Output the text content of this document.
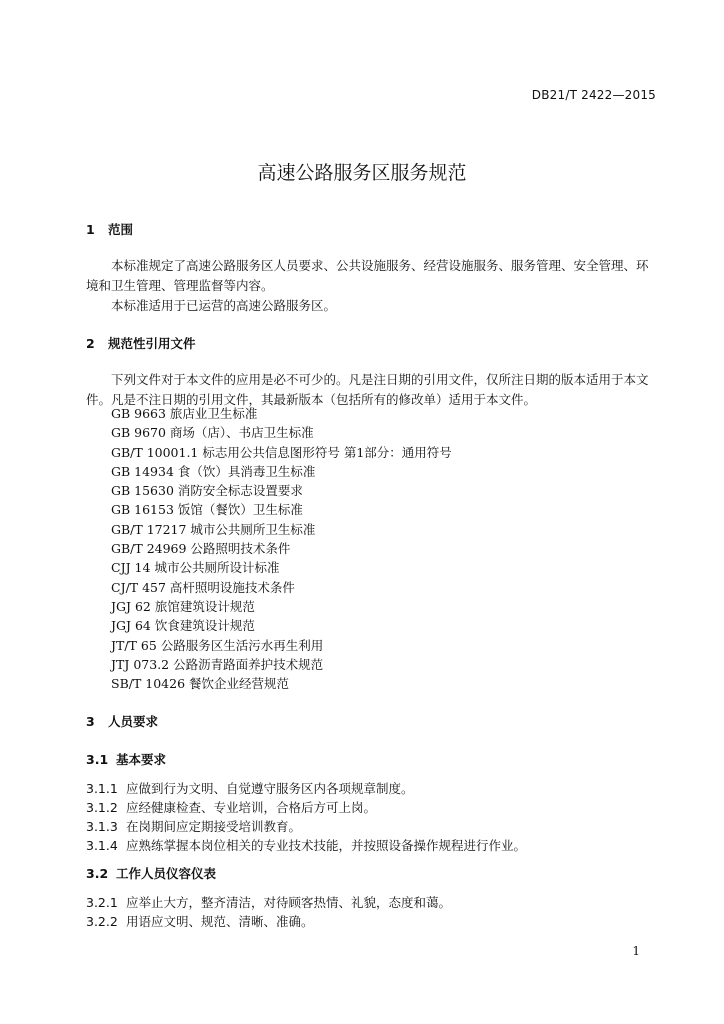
DB21/T 2422—2015
高速公路服务区服务规范
1 范围
本标准规定了高速公路服务区人员要求、公共设施服务、经营设施服务、服务管理、安全管理、环境和卫生管理、管理监督等内容。
本标准适用于已运营的高速公路服务区。
2 规范性引用文件
下列文件对于本文件的应用是必不可少的。凡是注日期的引用文件，仅所注日期的版本适用于本文件。凡是不注日期的引用文件，其最新版本（包括所有的修改单）适用于本文件。
GB 9663 旅店业卫生标准
GB 9670 商场（店）、书店卫生标准
GB/T 10001.1 标志用公共信息图形符号 第1部分：通用符号
GB 14934 食（饮）具消毒卫生标准
GB 15630 消防安全标志设置要求
GB 16153 饭馆（餐饮）卫生标准
GB/T 17217 城市公共厕所卫生标准
GB/T 24969 公路照明技术条件
CJJ 14 城市公共厕所设计标准
CJ/T 457 高杆照明设施技术条件
JGJ 62 旅馆建筑设计规范
JGJ 64 饮食建筑设计规范
JT/T 65 公路服务区生活污水再生利用
JTJ 073.2 公路沥青路面养护技术规范
SB/T 10426 餐饮企业经营规范
3 人员要求
3.1 基本要求
3.1.1 应做到行为文明、自觉遵守服务区内各项规章制度。
3.1.2 应经健康检查、专业培训，合格后方可上岗。
3.1.3 在岗期间应定期接受培训教育。
3.1.4 应熟练掌握本岗位相关的专业技术技能，并按照设备操作规程进行作业。
3.2 工作人员仪容仪表
3.2.1 应举止大方，整齐清洁，对待顾客热情、礼貌，态度和蔼。
3.2.2 用语应文明、规范、清晰、准确。
1
